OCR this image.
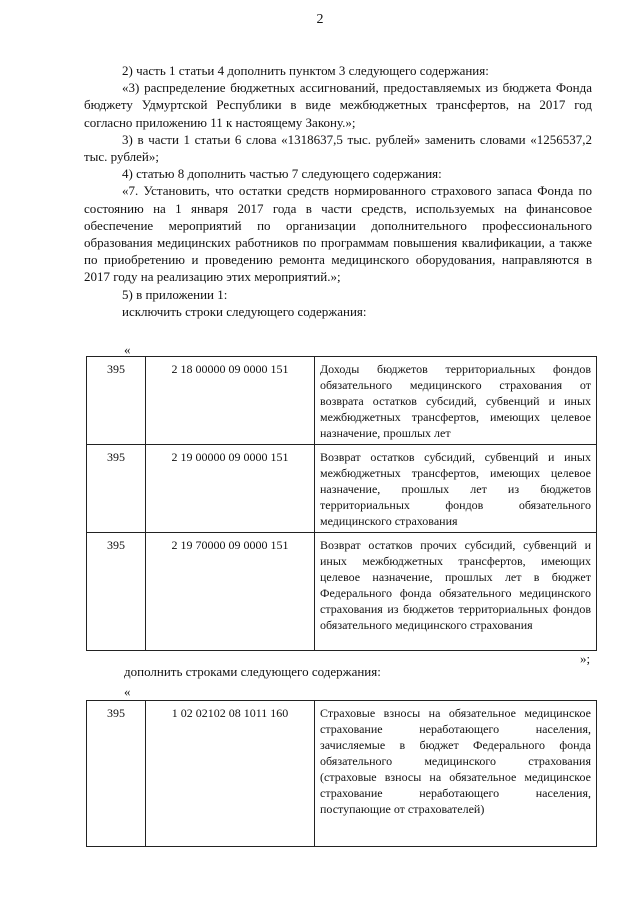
2

2) часть 1 статьи 4 дополнить пунктом 3 следующего содержания:

«3) распределение бюджетных ассигнований, предоставляемых из бюджета Фонда бюджету Удмуртской Республики в виде межбюджетных трансфертов, на 2017 год согласно приложению 11 к настоящему Закону.»;

3) в части 1 статьи 6 слова «1318637,5 тыс. рублей» заменить словами «1256537,2 тыс. рублей»;

4) статью 8 дополнить частью 7 следующего содержания:

«7. Установить, что остатки средств нормированного страхового запаса Фонда по состоянию на 1 января 2017 года в части средств, используемых на финансовое обеспечение мероприятий по организации дополнительного профессионального образования медицинских работников по программам повышения квалификации, а также по приобретению и проведению ремонта медицинского оборудования, направляются в 2017 году на реализацию этих мероприятий.»;

5) в приложении 1:

исключить строки следующего содержания:

«
395	2 18 00000 09 0000 151	Доходы бюджетов территориальных фондов обязательного медицинского страхования от возврата остатков субсидий, субвенций и иных межбюджетных трансфертов, имеющих целевое назначение, прошлых лет
395	2 19 00000 09 0000 151	Возврат остатков субсидий, субвенций и иных межбюджетных трансфертов, имеющих целевое назначение, прошлых лет из бюджетов территориальных фондов обязательного медицинского страхования
395	2 19 70000 09 0000 151	Возврат остатков прочих субсидий, субвенций и иных межбюджетных трансфертов, имеющих целевое назначение, прошлых лет в бюджет Федерального фонда обязательного медицинского страхования из бюджетов территориальных фондов обязательного медицинского страхования
»;
дополнить строками следующего содержания:
«
395	1 02 02102 08 1011 160	Страховые взносы на обязательное медицинское страхование неработающего населения, зачисляемые в бюджет Федерального фонда обязательного медицинского страхования (страховые взносы на обязательное медицинское страхование неработающего населения, поступающие от страхователей)
